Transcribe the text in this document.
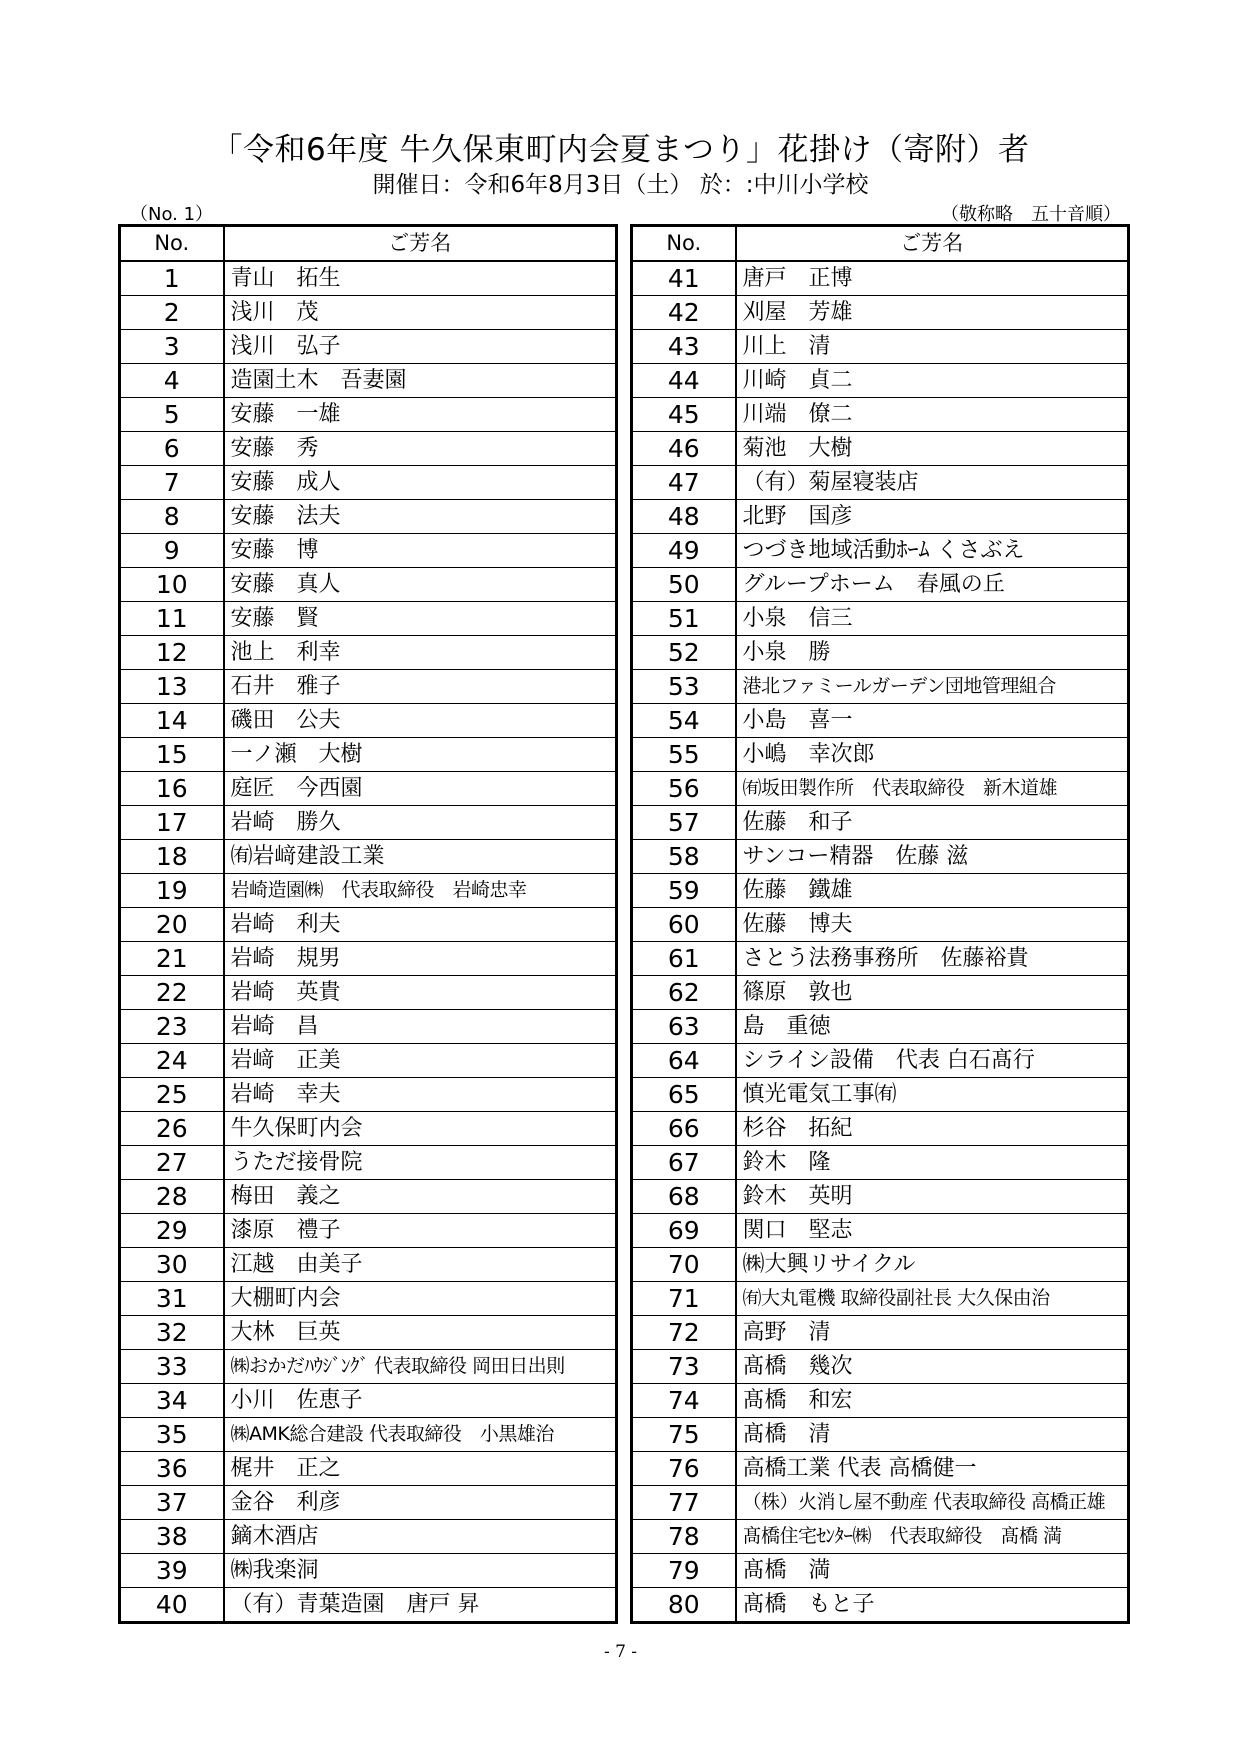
「令和6年度 牛久保東町内会夏まつり」花掛け（寄附）者
開催日：令和6年8月3日（土） 於：:中川小学校
（No. 1）	（敬称略　五十音順）
No.	ご芳名
1	青山　拓生
2	浅川　茂
3	浅川　弘子
4	造園土木　吾妻園
5	安藤　一雄
6	安藤　秀
7	安藤　成人
8	安藤　法夫
9	安藤　博
10	安藤　真人
11	安藤　賢
12	池上　利幸
13	石井　雅子
14	磯田　公夫
15	一ノ瀬　大樹
16	庭匠　今西園
17	岩崎　勝久
18	㈲岩﨑建設工業
19	岩崎造園㈱　代表取締役　岩崎忠幸
20	岩崎　利夫
21	岩崎　規男
22	岩崎　英貴
23	岩崎　昌
24	岩﨑　正美
25	岩崎　幸夫
26	牛久保町内会
27	うただ接骨院
28	梅田　義之
29	漆原　禮子
30	江越　由美子
31	大棚町内会
32	大林　巨英
33	㈱おかだﾊｳｼﾞﾝｸﾞ 代表取締役 岡田日出則
34	小川　佐恵子
35	㈱AMK総合建設 代表取締役　小黒雄治
36	梶井　正之
37	金谷　利彦
38	鏑木酒店
39	㈱我楽洞
40	（有）青葉造園　唐戸 昇
No.	ご芳名
41	唐戸　正博
42	刈屋　芳雄
43	川上　清
44	川崎　貞二
45	川端　僚二
46	菊池　大樹
47	（有）菊屋寝装店
48	北野　国彦
49	つづき地域活動ﾎｰﾑ くさぶえ
50	グループホーム　春風の丘
51	小泉　信三
52	小泉　勝
53	港北ファミールガーデン団地管理組合
54	小島　喜一
55	小嶋　幸次郎
56	㈲坂田製作所　代表取締役　新木道雄
57	佐藤　和子
58	サンコー精器　佐藤 滋
59	佐藤　鐵雄
60	佐藤　博夫
61	さとう法務事務所　佐藤裕貴
62	篠原　敦也
63	島　重徳
64	シライシ設備　代表 白石髙行
65	慎光電気工事㈲
66	杉谷　拓紀
67	鈴木　隆
68	鈴木　英明
69	関口　堅志
70	㈱大興リサイクル
71	㈲大丸電機 取締役副社長 大久保由治
72	高野　清
73	髙橋　幾次
74	髙橋　和宏
75	髙橋　清
76	高橋工業 代表 高橋健一
77	（株）火消し屋不動産 代表取締役 高橋正雄
78	髙橋住宅ｾﾝﾀｰ㈱　代表取締役　髙橋 満
79	髙橋　満
80	髙橋　もと子
- 7 -
